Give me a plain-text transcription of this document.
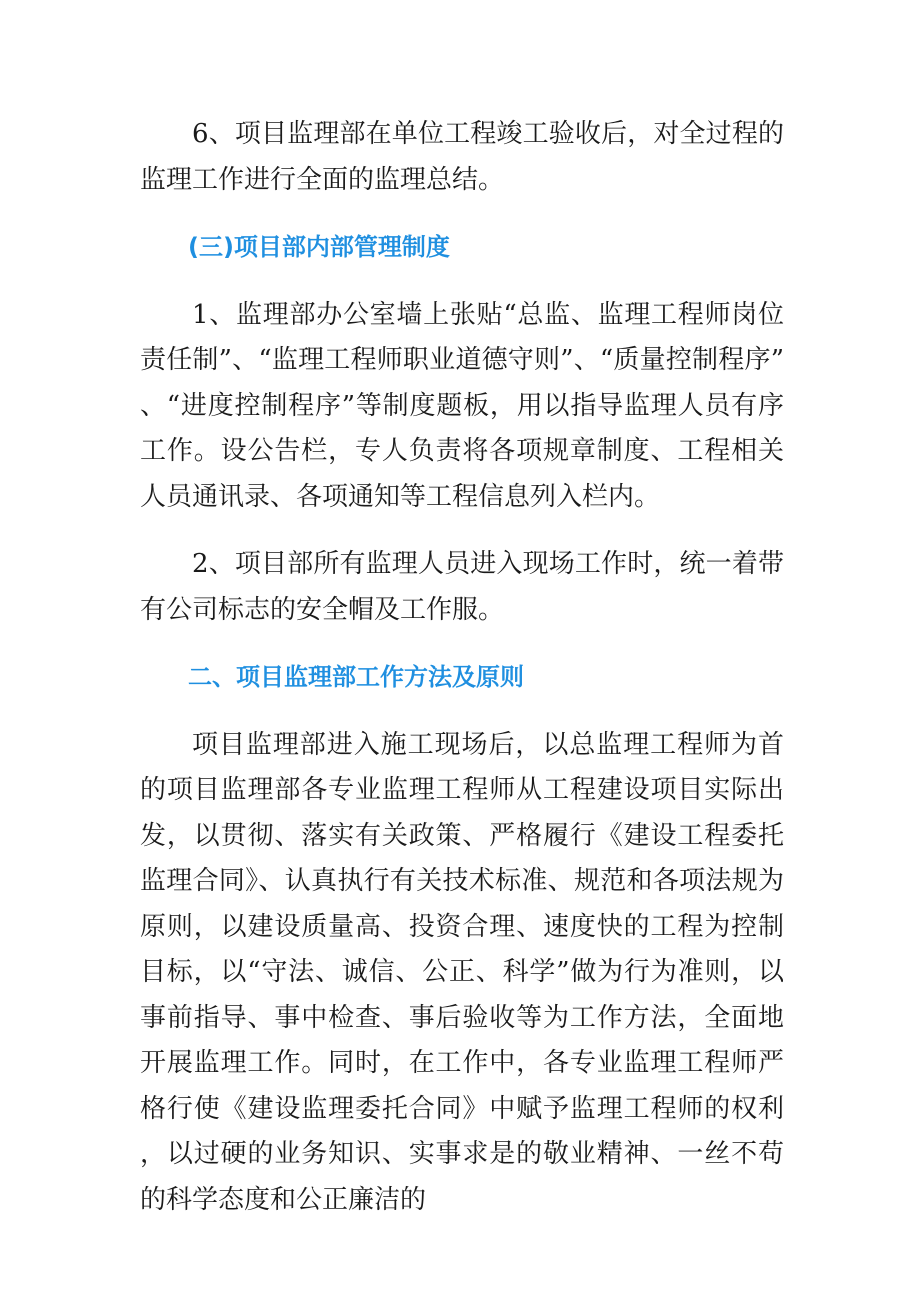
6、项目监理部在单位工程竣工验收后，对全过程的监理工作进行全面的监理总结。

(三)项目部内部管理制度

1、监理部办公室墙上张贴“总监、监理工程师岗位责任制”、“监理工程师职业道德守则”、“质量控制程序”、“进度控制程序”等制度题板，用以指导监理人员有序工作。设公告栏，专人负责将各项规章制度、工程相关人员通讯录、各项通知等工程信息列入栏内。

2、项目部所有监理人员进入现场工作时，统一着带有公司标志的安全帽及工作服。

二、项目监理部工作方法及原则

项目监理部进入施工现场后，以总监理工程师为首的项目监理部各专业监理工程师从工程建设项目实际出发，以贯彻、落实有关政策、严格履行《建设工程委托监理合同》、认真执行有关技术标准、规范和各项法规为原则，以建设质量高、投资合理、速度快的工程为控制目标，以“守法、诚信、公正、科学”做为行为准则，以事前指导、事中检查、事后验收等为工作方法，全面地开展监理工作。同时，在工作中，各专业监理工程师严格行使《建设监理委托合同》中赋予监理工程师的权利，以过硬的业务知识、实事求是的敬业精神、一丝不苟的科学态度和公正廉洁的
